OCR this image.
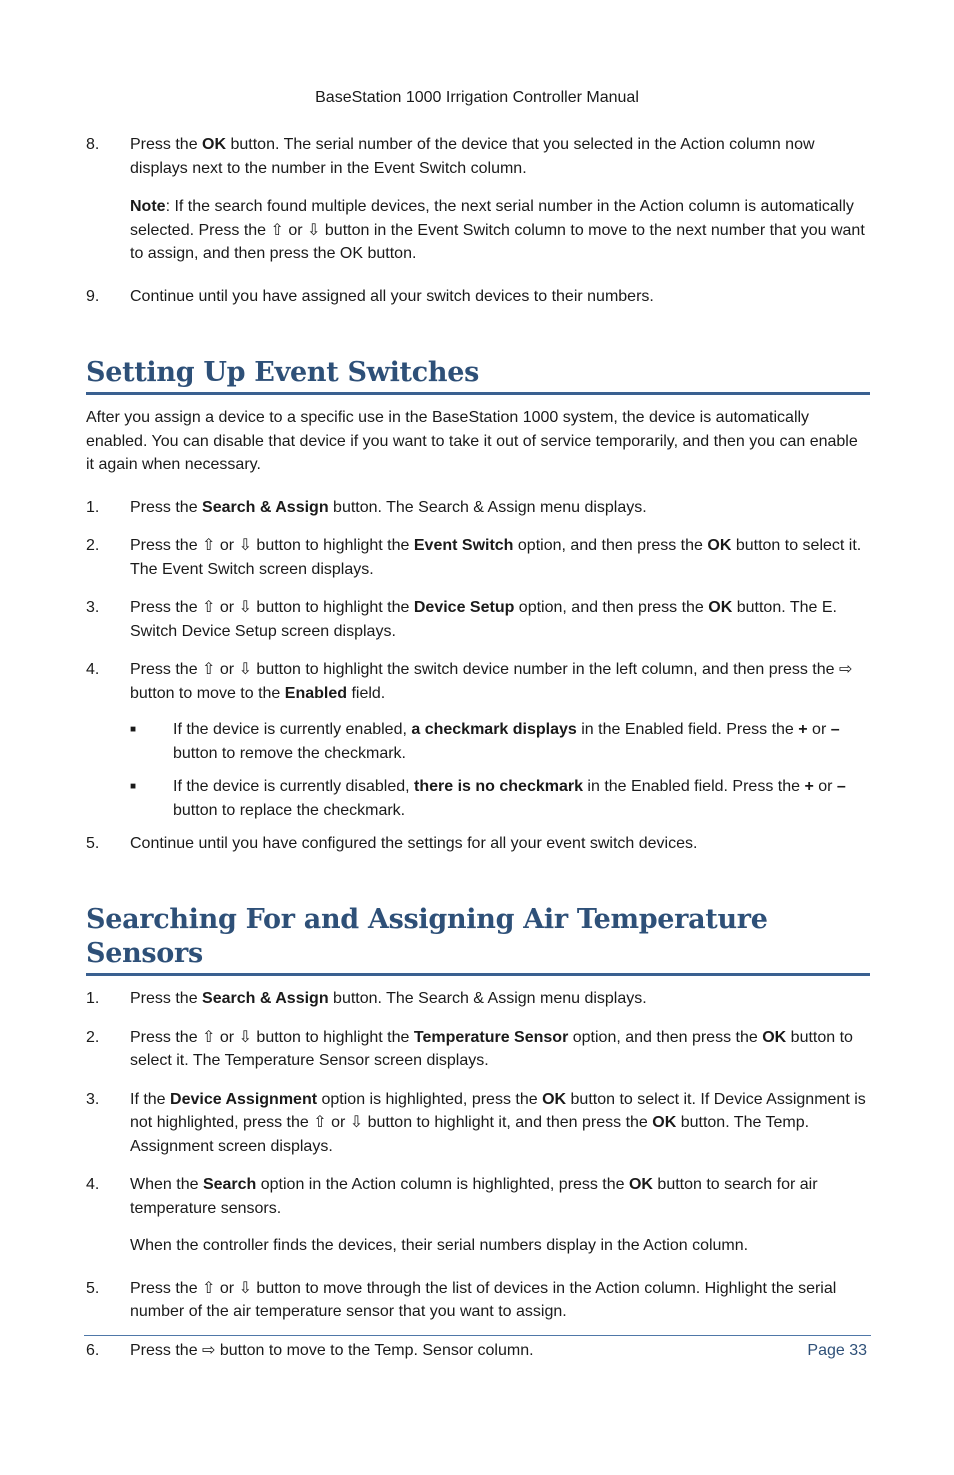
BaseStation 1000 Irrigation Controller Manual
8.	Press the OK button. The serial number of the device that you selected in the Action column now displays next to the number in the Event Switch column.
Note: If the search found multiple devices, the next serial number in the Action column is automatically selected. Press the ⇧ or ⇩ button in the Event Switch column to move to the next number that you want to assign, and then press the OK button.
9.	Continue until you have assigned all your switch devices to their numbers.
Setting Up Event Switches
After you assign a device to a specific use in the BaseStation 1000 system, the device is automatically enabled. You can disable that device if you want to take it out of service temporarily, and then you can enable it again when necessary.
1.	Press the Search & Assign button. The Search & Assign menu displays.
2.	Press the ⇧ or ⇩ button to highlight the Event Switch option, and then press the OK button to select it. The Event Switch screen displays.
3.	Press the ⇧ or ⇩ button to highlight the Device Setup option, and then press the OK button. The E. Switch Device Setup screen displays.
4.	Press the ⇧ or ⇩ button to highlight the switch device number in the left column, and then press the ⇨ button to move to the Enabled field.
■ If the device is currently enabled, a checkmark displays in the Enabled field. Press the + or – button to remove the checkmark.
■ If the device is currently disabled, there is no checkmark in the Enabled field. Press the + or – button to replace the checkmark.
5.	Continue until you have configured the settings for all your event switch devices.
Searching For and Assigning Air Temperature Sensors
1.	Press the Search & Assign button. The Search & Assign menu displays.
2.	Press the ⇧ or ⇩ button to highlight the Temperature Sensor option, and then press the OK button to select it. The Temperature Sensor screen displays.
3.	If the Device Assignment option is highlighted, press the OK button to select it. If Device Assignment is not highlighted, press the ⇧ or ⇩ button to highlight it, and then press the OK button. The Temp. Assignment screen displays.
4.	When the Search option in the Action column is highlighted, press the OK button to search for air temperature sensors.
When the controller finds the devices, their serial numbers display in the Action column.
5.	Press the ⇧ or ⇩ button to move through the list of devices in the Action column. Highlight the serial number of the air temperature sensor that you want to assign.
6.	Press the ⇨ button to move to the Temp. Sensor column.	Page 33
